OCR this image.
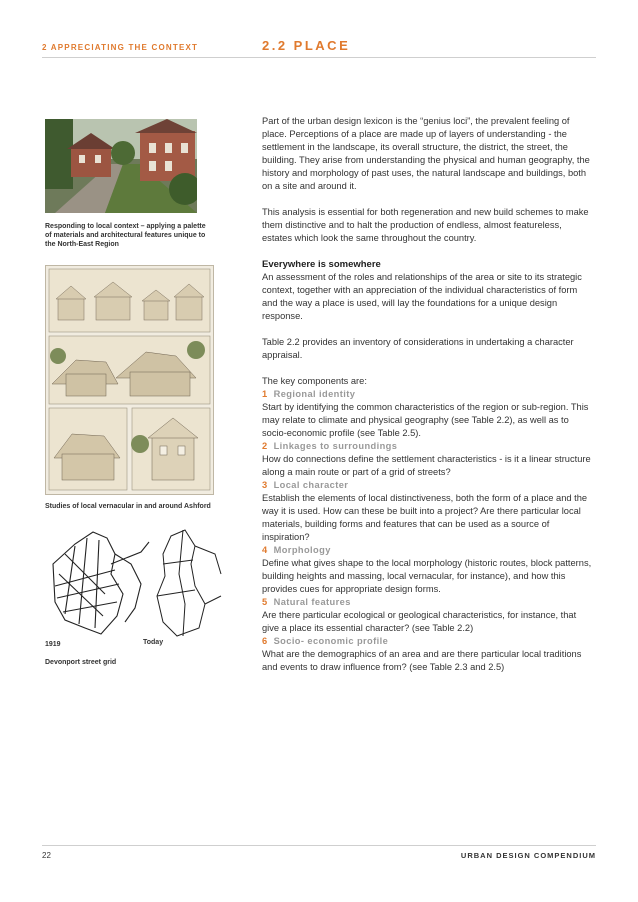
2 APPRECIATING THE CONTEXT	2.2 PLACE
Responding to local context – applying a palette of materials and architectural features unique to the North-East Region
Studies of local vernacular in and around Ashford
1919	Today
Devonport street grid

Part of the urban design lexicon is the “genius loci”, the prevalent feeling of place. Perceptions of a place are made up of layers of understanding - the settlement in the landscape, its overall structure, the district, the street, the building. They arise from understanding the physical and human geography, the history and morphology of past uses, the natural landscape and buildings, both on a site and around it.

This analysis is essential for both regeneration and new build schemes to make them distinctive and to halt the production of endless, almost featureless, estates which look the same throughout the country.

Everywhere is somewhere

An assessment of the roles and relationships of the area or site to its strategic context, together with an appreciation of the individual characteristics of form and the way a place is used, will lay the foundations for a unique design response.

Table 2.2 provides an inventory of considerations in undertaking a character appraisal.

The key components are:
1 Regional identity
Start by identifying the common characteristics of the region or sub-region. This may relate to climate and physical geography (see Table 2.2), as well as to socio-economic profile (see Table 2.5).
2 Linkages to surroundings
How do connections define the settlement characteristics - is it a linear structure along a main route or part of a grid of streets?
3 Local character
Establish the elements of local distinctiveness, both the form of a place and the way it is used. How can these be built into a project? Are there particular local materials, building forms and features that can be used as a source of inspiration?
4 Morphology
Define what gives shape to the local morphology (historic routes, block patterns, building heights and massing, local vernacular, for instance), and how this provides cues for appropriate design forms.
5 Natural features
Are there particular ecological or geological characteristics, for instance, that give a place its essential character? (see Table 2.2)
6 Socio- economic profile
What are the demographics of an area and are there particular local traditions and events to draw influence from? (see Table 2.3 and 2.5)
22	URBAN DESIGN COMPENDIUM
